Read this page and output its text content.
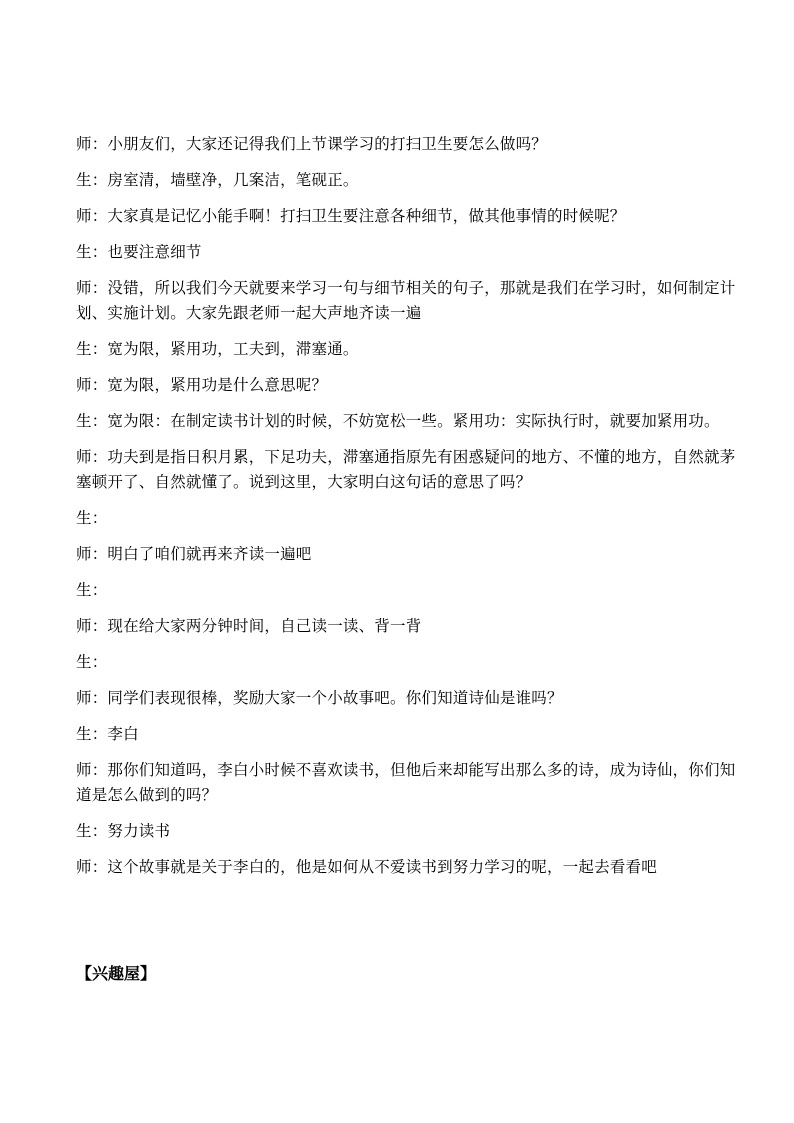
师：小朋友们，大家还记得我们上节课学习的打扫卫生要怎么做吗？

生：房室清，墙壁净，几案洁，笔砚正。

师：大家真是记忆小能手啊！打扫卫生要注意各种细节，做其他事情的时候呢？

生：也要注意细节

师：没错，所以我们今天就要来学习一句与细节相关的句子，那就是我们在学习时，如何制定计划、实施计划。大家先跟老师一起大声地齐读一遍

生：宽为限，紧用功，工夫到，滞塞通。

师：宽为限，紧用功是什么意思呢？

生：宽为限：在制定读书计划的时候，不妨宽松一些。紧用功：实际执行时，就要加紧用功。

师：功夫到是指日积月累，下足功夫，滞塞通指原先有困惑疑问的地方、不懂的地方，自然就茅塞顿开了、自然就懂了。说到这里，大家明白这句话的意思了吗？

生：

师：明白了咱们就再来齐读一遍吧

生：

师：现在给大家两分钟时间，自己读一读、背一背

生：

师：同学们表现很棒，奖励大家一个小故事吧。你们知道诗仙是谁吗？

生：李白

师：那你们知道吗，李白小时候不喜欢读书，但他后来却能写出那么多的诗，成为诗仙，你们知道是怎么做到的吗？

生：努力读书

师：这个故事就是关于李白的，他是如何从不爱读书到努力学习的呢，一起去看看吧

【兴趣屋】
